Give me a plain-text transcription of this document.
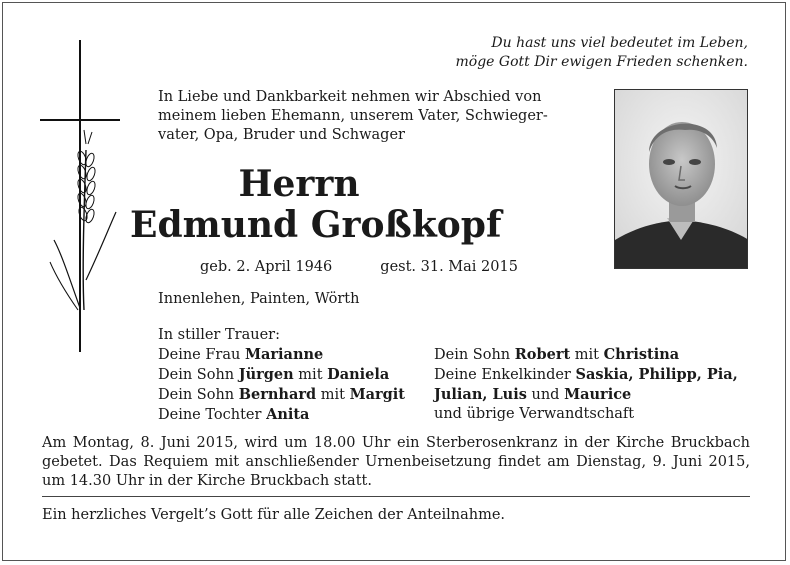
Du hast uns viel bedeutet im Leben,
möge Gott Dir ewigen Frieden schenken.
In Liebe und Dankbarkeit nehmen wir Abschied von
meinem lieben Ehemann, unserem Vater, Schwieger-
vater, Opa, Bruder und Schwager
Herrn
Edmund Großkopf
geb. 2. April 1946	gest. 31. Mai 2015
Innenlehen, Painten, Wörth
In stiller Trauer:
Deine Frau Marianne
Dein Sohn Jürgen mit Daniela
Dein Sohn Bernhard mit Margit
Deine Tochter Anita
Dein Sohn Robert mit Christina
Deine Enkelkinder Saskia, Philipp, Pia,
Julian, Luis und Maurice
und übrige Verwandtschaft
Am Montag, 8. Juni 2015, wird um 18.00 Uhr ein Sterberosenkranz in der Kirche Bruckbach gebetet. Das Requiem mit anschließender Urnenbeisetzung findet am Dienstag, 9. Juni 2015, um 14.30 Uhr in der Kirche Bruckbach statt.
Ein herzliches Vergelt’s Gott für alle Zeichen der Anteilnahme.
